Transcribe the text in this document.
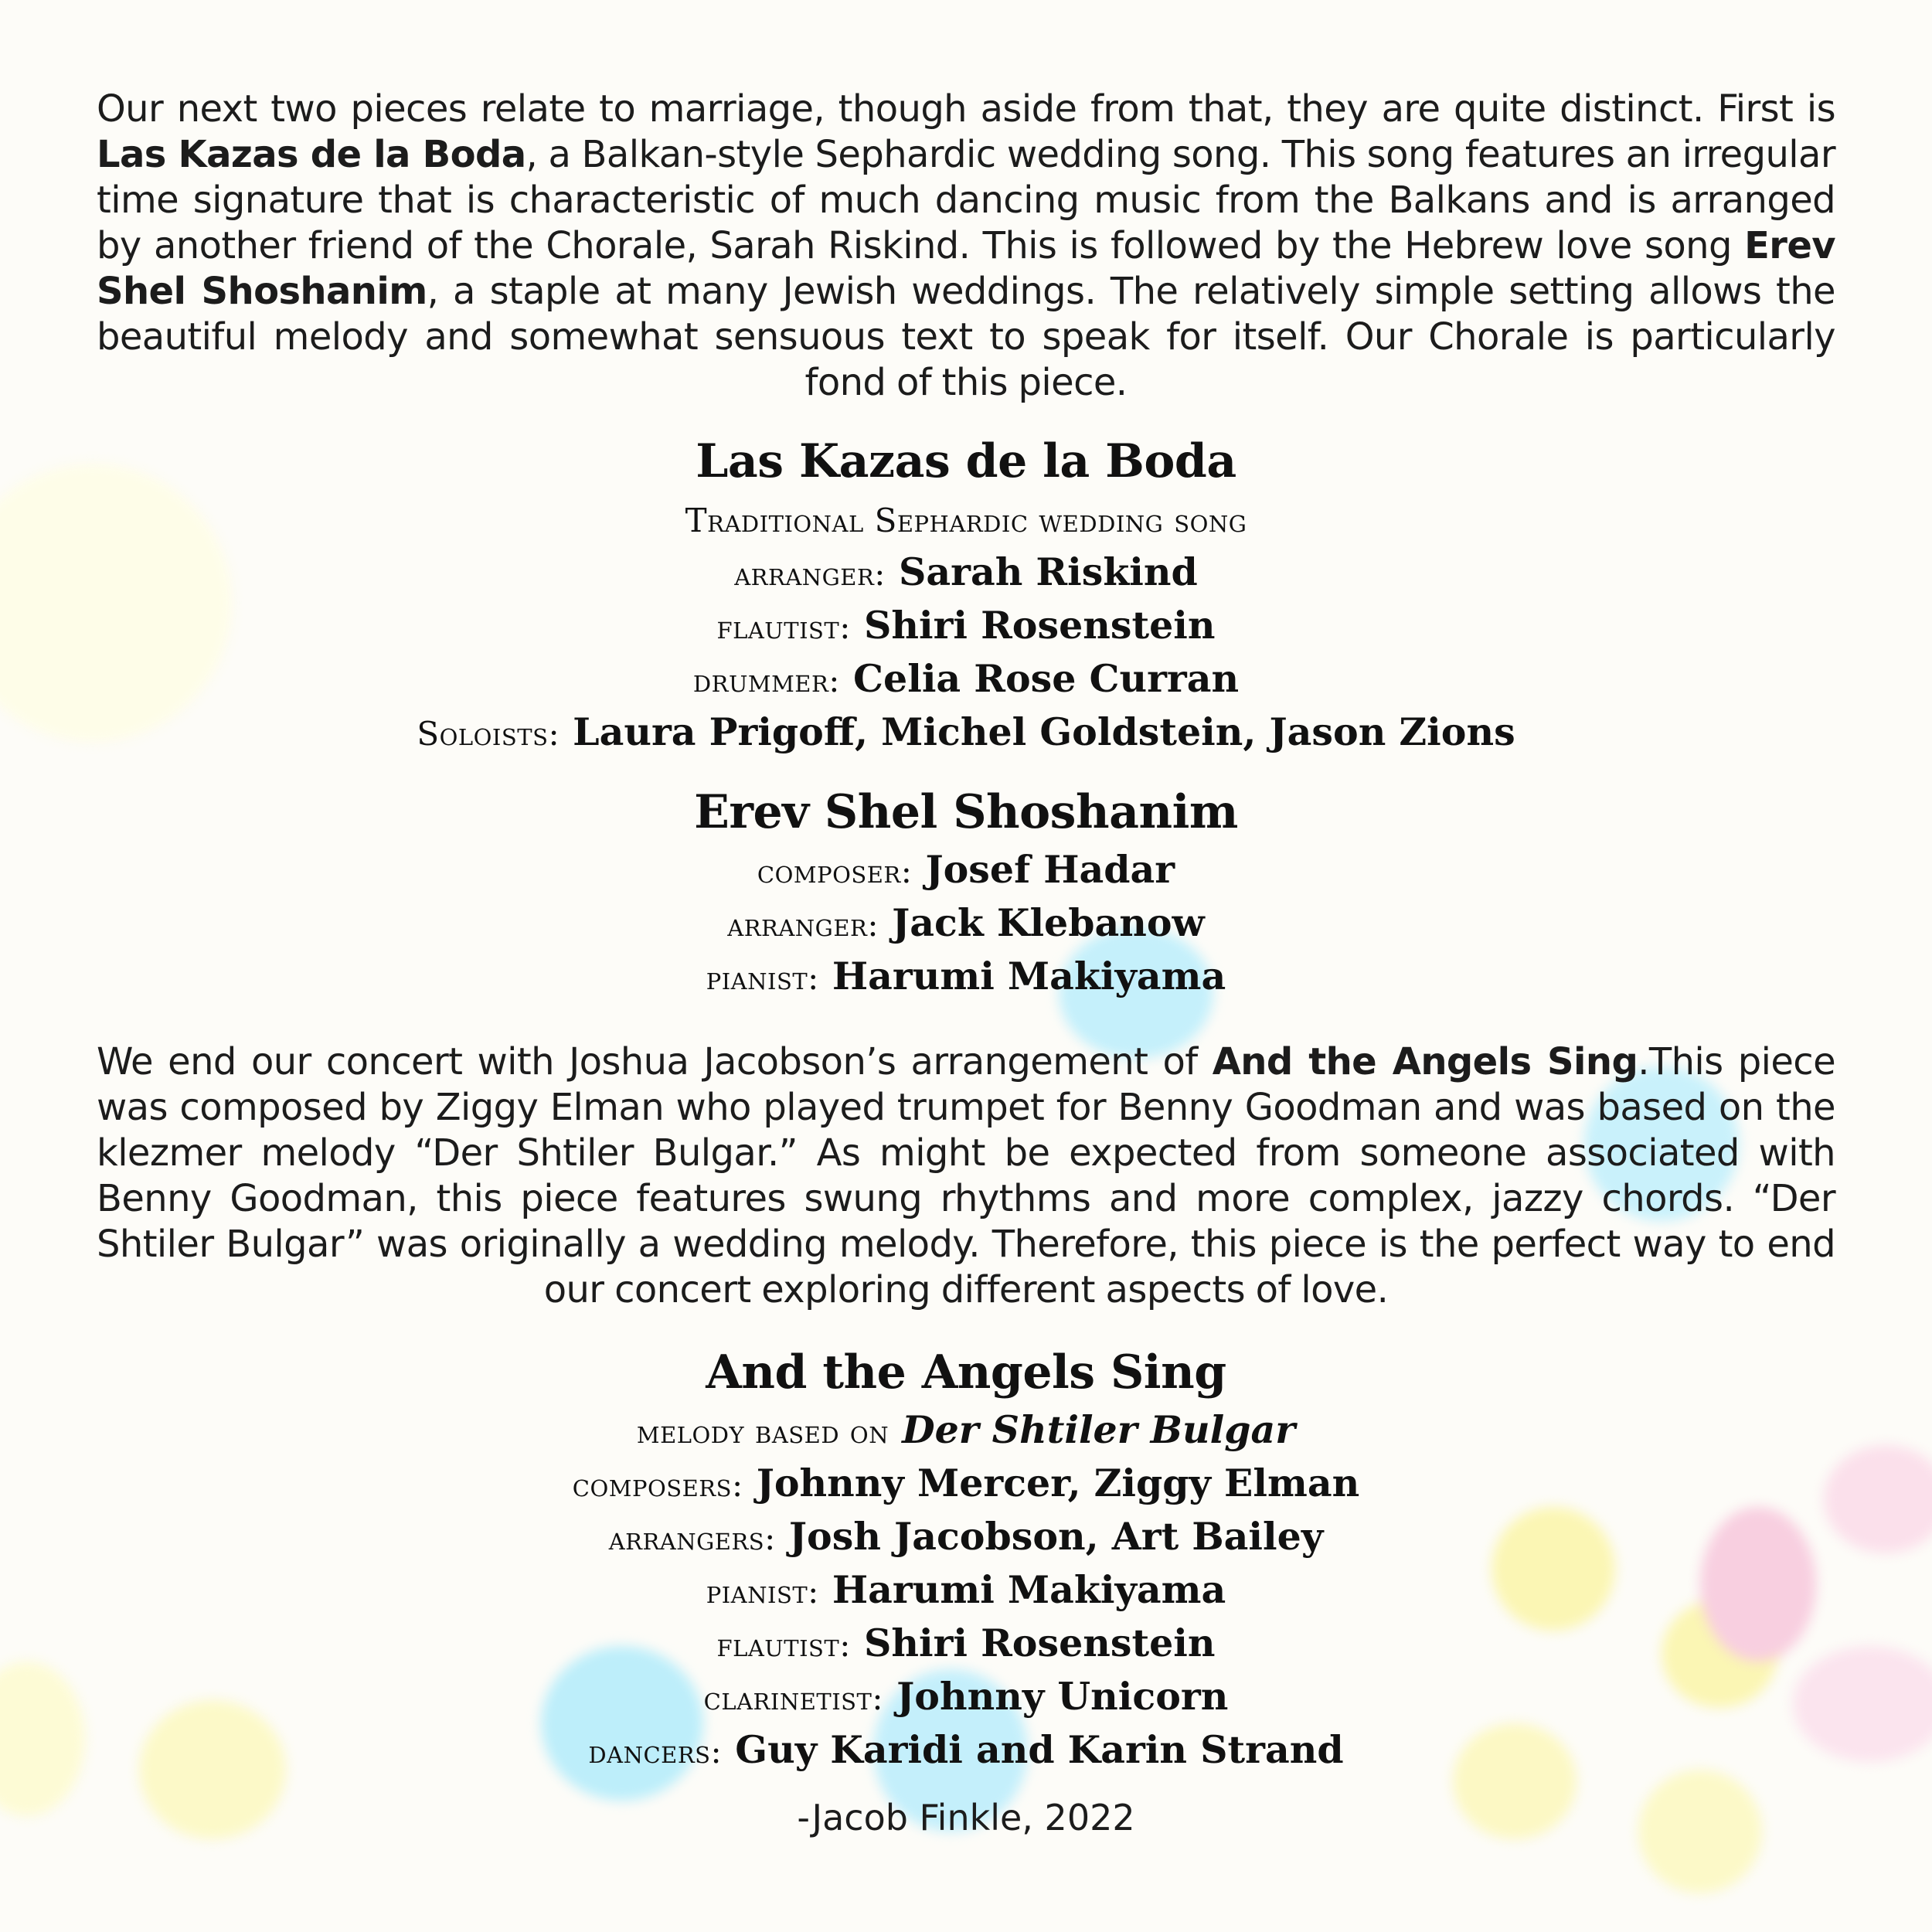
Our next two pieces relate to marriage, though aside from that, they are quite distinct. First is Las Kazas de la Boda, a Balkan-style Sephardic wedding song. This song features an irregular time signature that is characteristic of much dancing music from the Balkans and is arranged by another friend of the Chorale, Sarah Riskind. This is followed by the Hebrew love song Erev Shel Shoshanim, a staple at many Jewish weddings. The relatively simple setting allows the beautiful melody and somewhat sensuous text to speak for itself. Our Chorale is particularly fond of this piece.

Las Kazas de la Boda

Traditional Sephardic wedding song

arranger: Sarah Riskind

flautist: Shiri Rosenstein

drummer: Celia Rose Curran

Soloists: Laura Prigoff, Michel Goldstein, Jason Zions

Erev Shel Shoshanim

composer: Josef Hadar

arranger: Jack Klebanow

pianist: Harumi Makiyama

We end our concert with Joshua Jacobson’s arrangement of And the Angels Sing.This piece was composed by Ziggy Elman who played trumpet for Benny Goodman and was based on the klezmer melody “Der Shtiler Bulgar.” As might be expected from someone associated with Benny Goodman, this piece features swung rhythms and more complex, jazzy chords. “Der Shtiler Bulgar” was originally a wedding melody. Therefore, this piece is the perfect way to end our concert exploring different aspects of love.

And the Angels Sing

melody based on Der Shtiler Bulgar

composers: Johnny Mercer, Ziggy Elman

arrangers: Josh Jacobson, Art Bailey

pianist: Harumi Makiyama

flautist: Shiri Rosenstein

clarinetist: Johnny Unicorn

dancers: Guy Karidi and Karin Strand

-Jacob Finkle, 2022
